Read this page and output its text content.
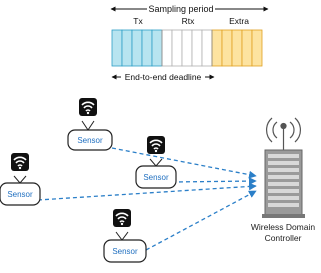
Sampling period
Tx	Rtx	Extra
End-to-end deadline
Sensor
Sensor
Sensor
Sensor
Wireless Domain
Controller
